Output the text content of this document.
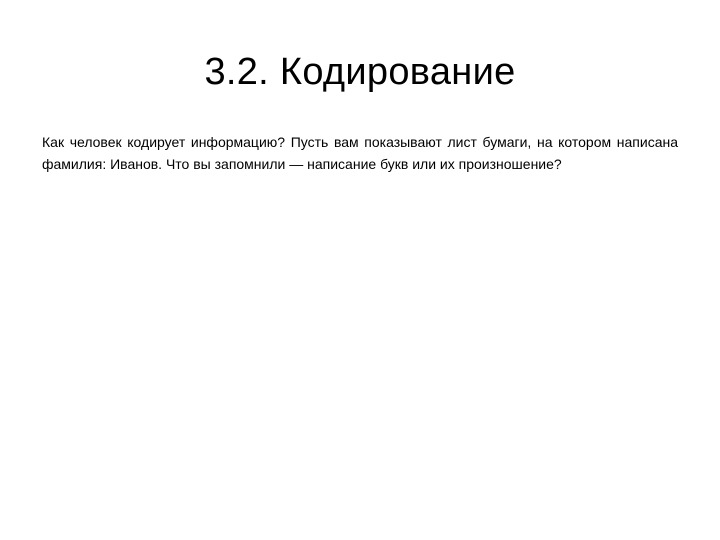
3.2. Кодирование

Как человек кодирует информацию? Пусть вам показывают лист бумаги, на котором написана фамилия: Иванов. Что вы запомнили — написание букв или их произношение?
